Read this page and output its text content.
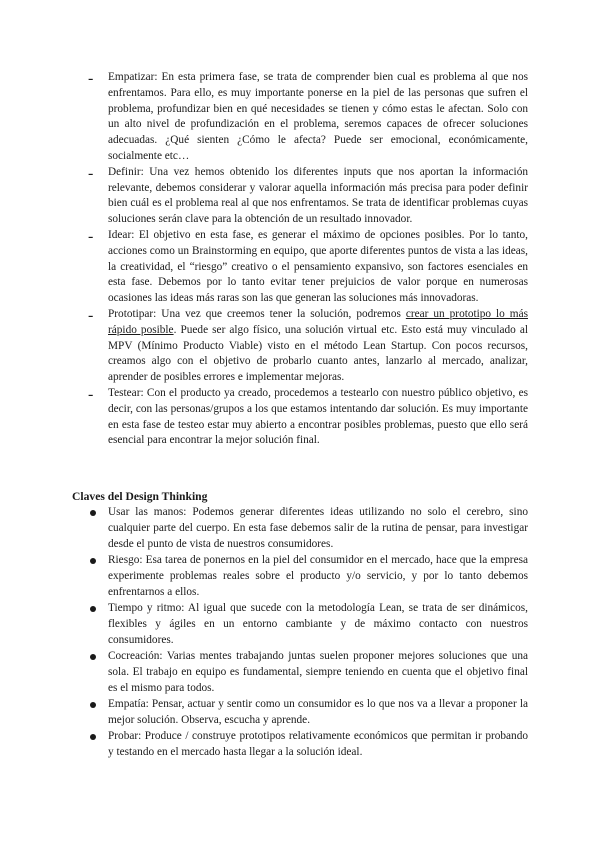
- Empatizar: En esta primera fase, se trata de comprender bien cual es problema al que nos enfrentamos. Para ello, es muy importante ponerse en la piel de las personas que sufren el problema, profundizar bien en qué necesidades se tienen y cómo estas le afectan. Solo con un alto nivel de profundización en el problema, seremos capaces de ofrecer soluciones adecuadas. ¿Qué sienten ¿Cómo le afecta? Puede ser emocional, económicamente, socialmente etc…

- Definir: Una vez hemos obtenido los diferentes inputs que nos aportan la información relevante, debemos considerar y valorar aquella información más precisa para poder definir bien cuál es el problema real al que nos enfrentamos. Se trata de identificar problemas cuyas soluciones serán clave para la obtención de un resultado innovador.

- Idear: El objetivo en esta fase, es generar el máximo de opciones posibles. Por lo tanto, acciones como un Brainstorming en equipo, que aporte diferentes puntos de vista a las ideas, la creatividad, el “riesgo” creativo o el pensamiento expansivo, son factores esenciales en esta fase. Debemos por lo tanto evitar tener prejuicios de valor porque en numerosas ocasiones las ideas más raras son las que generan las soluciones más innovadoras.

- Prototipar: Una vez que creemos tener la solución, podremos crear un prototipo lo más rápido posible. Puede ser algo físico, una solución virtual etc. Esto está muy vinculado al MPV (Mínimo Producto Viable) visto en el método Lean Startup. Con pocos recursos, creamos algo con el objetivo de probarlo cuanto antes, lanzarlo al mercado, analizar, aprender de posibles errores e implementar mejoras.

- Testear: Con el producto ya creado, procedemos a testearlo con nuestro público objetivo, es decir, con las personas/grupos a los que estamos intentando dar solución. Es muy importante en esta fase de testeo estar muy abierto a encontrar posibles problemas, puesto que ello será esencial para encontrar la mejor solución final.

Claves del Design Thinking

Usar las manos: Podemos generar diferentes ideas utilizando no solo el cerebro, sino cualquier parte del cuerpo. En esta fase debemos salir de la rutina de pensar, para investigar desde el punto de vista de nuestros consumidores.

Riesgo: Esa tarea de ponernos en la piel del consumidor en el mercado, hace que la empresa experimente problemas reales sobre el producto y/o servicio, y por lo tanto debemos enfrentarnos a ellos.

Tiempo y ritmo: Al igual que sucede con la metodología Lean, se trata de ser dinámicos, flexibles y ágiles en un entorno cambiante y de máximo contacto con nuestros consumidores.

Cocreación: Varias mentes trabajando juntas suelen proponer mejores soluciones que una sola. El trabajo en equipo es fundamental, siempre teniendo en cuenta que el objetivo final es el mismo para todos.

Empatía: Pensar, actuar y sentir como un consumidor es lo que nos va a llevar a proponer la mejor solución. Observa, escucha y aprende.

Probar: Produce / construye prototipos relativamente económicos que permitan ir probando y testando en el mercado hasta llegar a la solución ideal.
